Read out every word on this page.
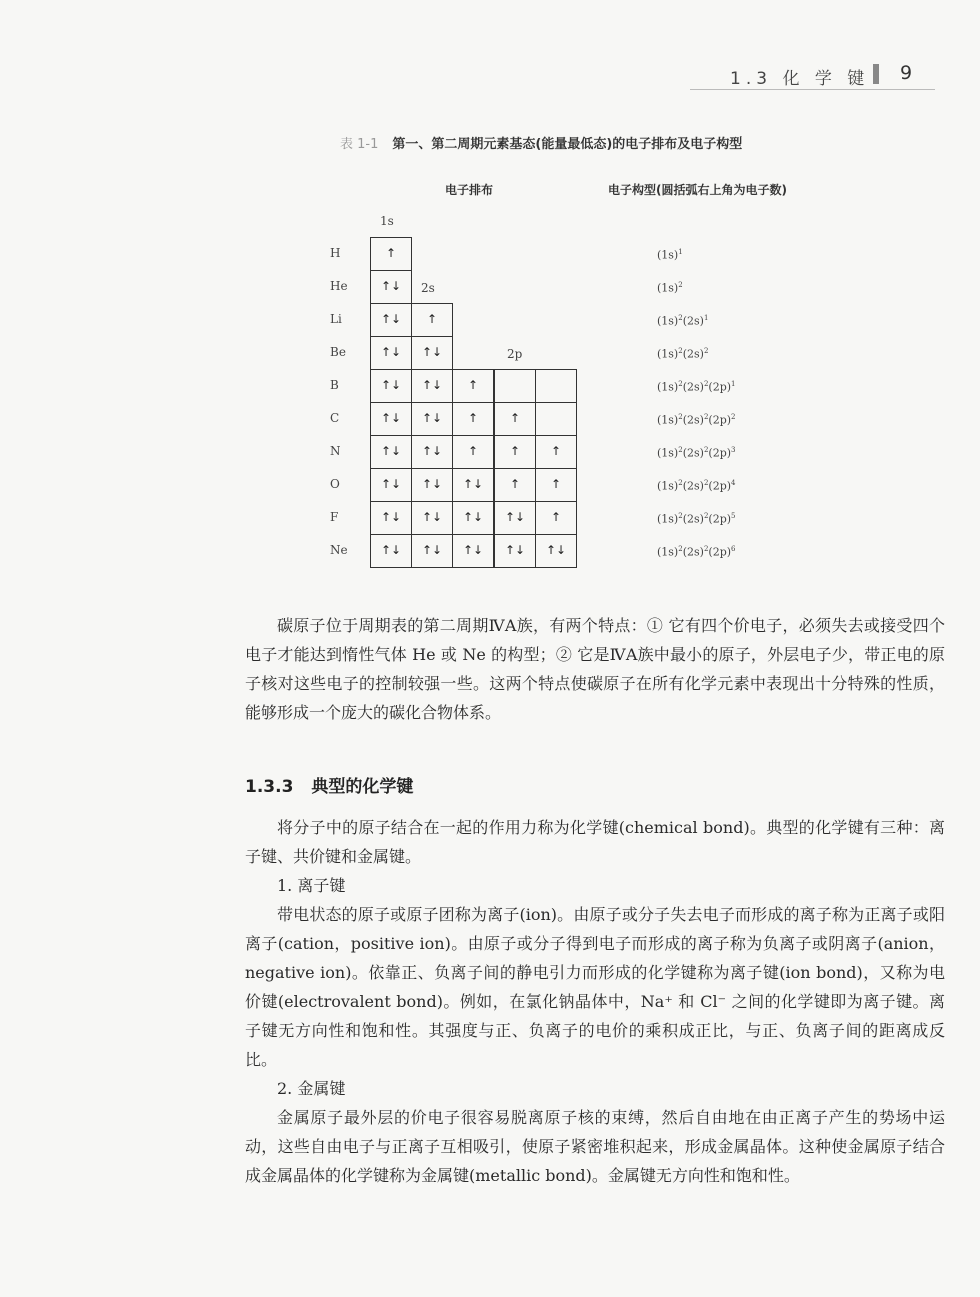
1.3 化 学 键 9
表 1-1 第一、第二周期元素基态(能量最低态)的电子排布及电子构型
电子排布	电子构型(圆括弧右上角为电子数)
1s
2s
2p
H	↑	$(1s)^1$
He	↑↓	$(1s)^2$
Li	↑↓	↑	$(1s)^2(2s)^1$
Be	↑↓	↑↓	$(1s)^2(2s)^2$
B	↑↓	↑↓	↑	$(1s)^2(2s)^2(2p)^1$
C	↑↓	↑↓	↑	↑	$(1s)^2(2s)^2(2p)^2$
N	↑↓	↑↓	↑	↑	↑	$(1s)^2(2s)^2(2p)^3$
O	↑↓	↑↓	↑↓	↑	↑	$(1s)^2(2s)^2(2p)^4$
F	↑↓	↑↓	↑↓	↑↓	↑	$(1s)^2(2s)^2(2p)^5$
Ne	↑↓	↑↓	↑↓	↑↓	↑↓	$(1s)^2(2s)^2(2p)^6$

碳原子位于周期表的第二周期ⅣA族，有两个特点：① 它有四个价电子，必须失去或接受四个电子才能达到惰性气体 He 或 Ne 的构型；② 它是ⅣA族中最小的原子，外层电子少，带正电的原子核对这些电子的控制较强一些。这两个特点使碳原子在所有化学元素中表现出十分特殊的性质，能够形成一个庞大的碳化合物体系。

1.3.3 典型的化学键

将分子中的原子结合在一起的作用力称为化学键(chemical bond)。典型的化学键有三种：离子键、共价键和金属键。

1. 离子键

带电状态的原子或原子团称为离子(ion)。由原子或分子失去电子而形成的离子称为正离子或阳离子(cation，positive ion)。由原子或分子得到电子而形成的离子称为负离子或阴离子(anion，negative ion)。依靠正、负离子间的静电引力而形成的化学键称为离子键(ion bond)，又称为电价键(electrovalent bond)。例如，在氯化钠晶体中，Na⁺ 和 Cl⁻ 之间的化学键即为离子键。离子键无方向性和饱和性。其强度与正、负离子的电价的乘积成正比，与正、负离子间的距离成反比。

2. 金属键

金属原子最外层的价电子很容易脱离原子核的束缚，然后自由地在由正离子产生的势场中运动，这些自由电子与正离子互相吸引，使原子紧密堆积起来，形成金属晶体。这种使金属原子结合成金属晶体的化学键称为金属键(metallic bond)。金属键无方向性和饱和性。
